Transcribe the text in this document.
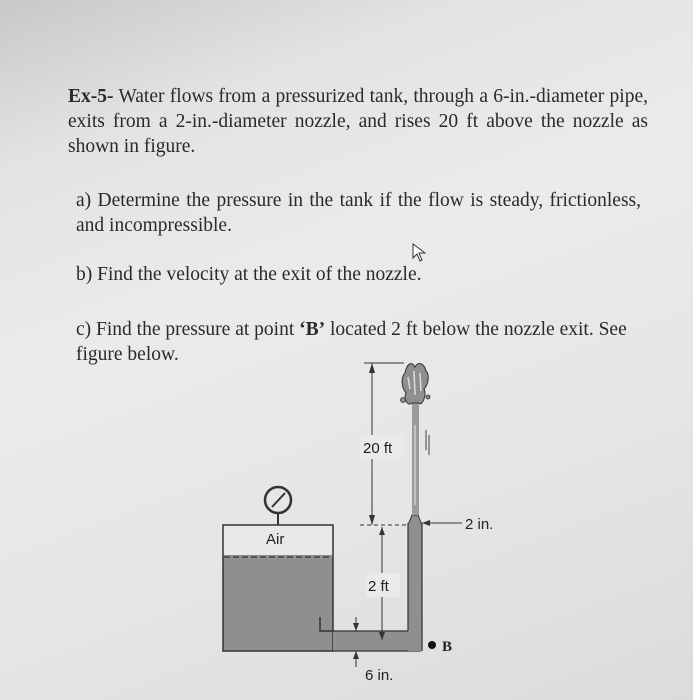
Ex-5- Water flows from a pressurized tank, through a 6-in.-diameter pipe, exits from a 2-in.-diameter nozzle, and rises 20 ft above the nozzle as shown in figure.

a) Determine the pressure in the tank if the flow is steady, frictionless, and incompressible.

b) Find the velocity at the exit of the nozzle.

c) Find the pressure at point ‘B’ located 2 ft below the nozzle exit. See figure below.

Air
20 ft
2 in.
2 ft
6 in.
B
